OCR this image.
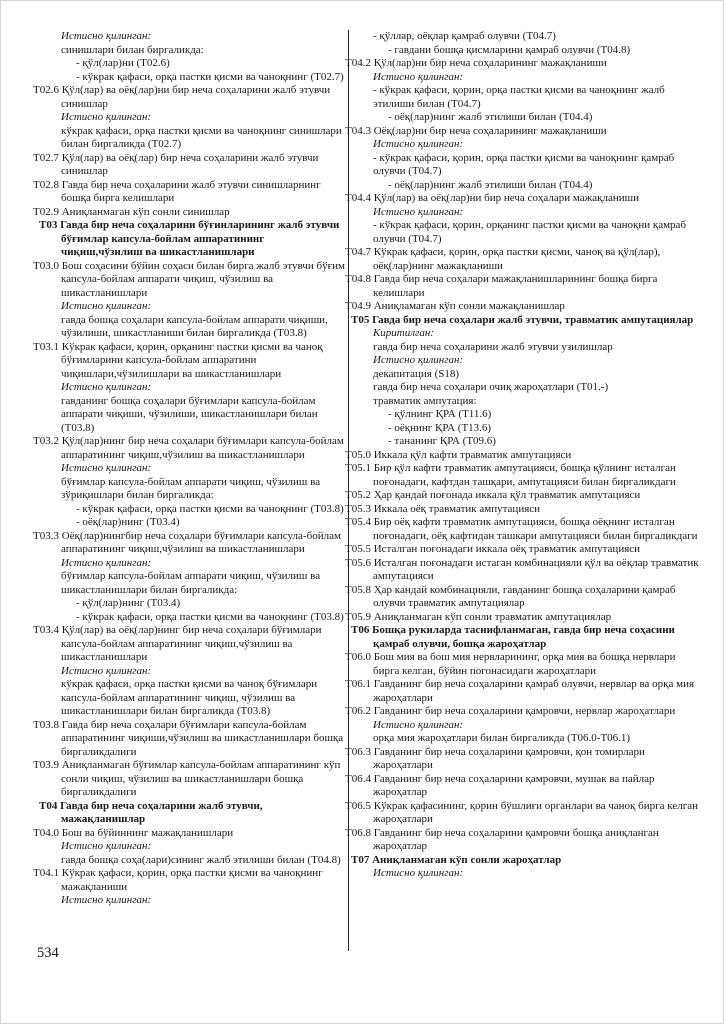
Истисно қилинган:

синишлари билан биргаликда:

- қўл(лар)ни (Т02.6)

- кўкрак қафаси, орқа пастки қисми ва чаноқнинг (Т02.7)

Т02.6 Қўл(лар) ва оёқ(лар)ни бир неча соҳаларини жалб этувчи синишлар

Истисно қилинган:

кўкрак қафаси, орқа пастки қисми ва чаноқнинг синишлари билан биргаликда (Т02.7)

Т02.7 Қўл(лар) ва оёқ(лар) бир неча соҳаларини жалб этувчи синишлар

Т02.8 Гавда бир неча соҳаларини жалб этувчи синишларнинг бошқа бирга келишлари

Т02.9 Аниқланмаган кўп сонли синишлар

Т03 Гавда бир неча соҳаларини бўғинларининг жалб этувчи бўғимлар капсула-бойлам аппаратининг чиқиш,чўзилиш ва шикастланишлари

Т03.0 Бош соҳасини бўйин соҳаси билан бирга жалб этувчи бўғим капсула-бойлам аппарати чиқиш, чўзилиш ва шикастланишлари

Истисно қилинган:

гавда бошқа соҳалари капсула-бойлам аппарати чиқиши, чўзилиши, шикастланиши билан биргаликда (Т03.8)

Т03.1 Кўкрак қафаси, қорин, орқанинг пастки қисми ва чаноқ бўғимларини капсула-бойлам аппаратини чиқишлари,чўзилишлари ва шикастланишлари

Истисно қилинган:

гавданинг бошқа соҳалари бўғимлари капсула-бойлам аппарати чиқиши, чўзилиши, шикастланишлари билан (Т03.8)

Т03.2 Қўл(лар)нинг бир неча соҳалари бўғимлари капсула-бойлам аппаратининг чиқиш,чўзилиш ва шикастланишлари

Истисно қилинган:

бўғимлар капсула-бойлам аппарати чиқиш, чўзилиш ва зўриқишлари билан биргаликда:

- кўкрак қафаси, орқа пастки қисми ва чаноқнинг (Т03.8)

- оёқ(лар)нинг (Т03.4)

Т03.3 Оёқ(лар)нингбир неча соҳалари бўғимлари капсула-бойлам аппаратининг чиқиш,чўзилиш ва шикастланишлари

Истисно қилинган:

бўғимлар капсула-бойлам аппарати чиқиш, чўзилиш ва шикастланишлари билан биргаликда:

- қўл(лар)нинг (Т03.4)

- кўкрак қафаси, орқа пастки қисми ва чаноқнинг (Т03.8)

Т03.4 Қўл(лар) ва оёқ(лар)нинг бир неча соҳалари бўғимлари капсула-бойлам аппаратининг чиқиш,чўзилиш ва шикастланишлари

Истисно қилинган:

кўкрак қафаси, орқа пастки қисми ва чаноқ бўғимлари капсула-бойлам аппаратининг чиқиш, чўзилиш ва шикастланишлари билан биргаликда (Т03.8)

Т03.8 Гавда бир неча соҳалари бўғимлари капсула-бойлам аппаратининг чиқиши,чўзилиш ва шикастланишлари бошқа биргаликдалиги

Т03.9 Аниқланмаган бўғимлар капсула-бойлам аппаратининг кўп сонли чиқиш, чўзилиш ва шикастланишлари бошқа биргаликдалиги

Т04 Гавда бир неча соҳаларини жалб этувчи, мажақланишлар

Т04.0 Бош ва бўйиннинг мажақланишлари

Истисно қилинган:

гавда бошқа соҳа(лари)сининг жалб этилиши билан (Т04.8)

Т04.1 Кўкрак қафаси, қорин, орқа пастки қисми ва чаноқнинг мажақланиши

Истисно қилинган:

- қўллар, оёқлар қамраб олувчи (Т04.7)

- гавдани бошқа қисмларини қамраб олувчи (Т04.8)

Т04.2 Қўл(лар)ни бир неча соҳаларининг мажақланиши

Истисно қилинган:

- кўкрак қафаси, қорин, орқа пастки қисми ва чаноқнинг жалб этилиши билан (Т04.7)

- оёқ(лар)нинг жалб этилиши билан (Т04.4)

Т04.3 Оёқ(лар)ни бир неча соҳаларининг мажақланиши

Истисно қилинган:

- кўкрак қафаси, қорин, орқа пастки қисми ва чаноқнинг қамраб олувчи (Т04.7)

- оёқ(лар)нинг жалб этилиши билан (Т04.4)

Т04.4 Қўл(лар) ва оёқ(лар)ни бир неча соҳалари мажақланиши

Истисно қилинган:

- кўкрак қафаси, қорин, орқанинг пастки қисми ва чаноқни қамраб олувчи (Т04.7)

Т04.7 Кўкрак қафаси, қорин, орқа пастки қисми, чаноқ ва қўл(лар), оёқ(лар)нинг мажақланиши

Т04.8 Гавда бир неча соҳалари мажақланишларининг бошқа бирга келишлари

Т04.9 Аниқламаган кўп сонли мажақланишлар

Т05 Гавда бир неча соҳалари жалб этувчи, травматик ампутациялар

Киритилган:

гавда бир неча соҳаларини жалб этувчи узилишлар

Истисно қилинган:

декапитация (S18)

гавда бир неча соҳалари очиқ жароҳатлари (Т01.-)

травматик ампутация:

- қўлнинг ҚРА (Т11.6)

- оёқнинг ҚРА (Т13.6)

- тананинг ҚРА (Т09.6)

Т05.0 Иккала қўл кафти травматик ампутацияси

Т05.1 Бир қўл кафти травматик ампутацияси, бошқа қўлнинг исталган поғонадаги, кафтдан ташқари, ампутацияси билан биргаликдаги

Т05.2 Ҳар қандай поғонада иккала қўл травматик ампутацияси

Т05.3 Иккала оёқ травматик ампутацияси

Т05.4 Бир оёқ кафти травматик ампутацияси, бошқа оёқнинг исталган поғонадаги, оёқ кафтидан ташкари ампутацияси билан биргаликдаги

Т05.5 Исталган поғонадаги иккала оёқ травматик ампутацияси

Т05.6 Исталган поғонадаги истаган комбинацияли қўл ва оёқлар травматик ампутацияси

Т05.8 Ҳар кандай комбинацияли, гавданинг бошқа соҳаларини қамраб олувчи травматик ампутациялар

Т05.9 Аниқланмаган кўп сонли травматик ампутациялар

Т06 Бошқа рукиларда таснифланмаган, гавда бир неча соҳасини қамраб олувчи, бошқа жароҳатлар

Т06.0 Бош мия ва бош мия нервларининг, орқа мия ва бошқа нервлари бирга келган, бўйин погонасидаги жароҳатлари

Т06.1 Гавданинг бир неча соҳаларини қамраб олувчи, нервлар ва орқа мия жароҳатлари

Т06.2 Гавданинг бир неча соҳаларини қамровчи, нервлар жароҳатлари

Истисно қилинган:

орқа мия жароҳатлари билан биргаликда (Т06.0-Т06.1)

Т06.3 Гавданинг бир неча соҳаларини қамровчи, қон томирлари жароҳатлари

Т06.4 Гавданинг бир неча соҳаларини қамровчи, мушак ва пайлар жароҳатлар

Т06.5 Кўкрак қафасининг, қорин бўшлиғи органлари ва чаноқ бирга келган жароҳатлари

Т06.8 Гавданинг бир неча соҳаларини қамровчи бошқа аниқланган жароҳатлар

Т07 Аниқланмаган кўп сонли жароҳатлар

Истисно қилинган:

534
